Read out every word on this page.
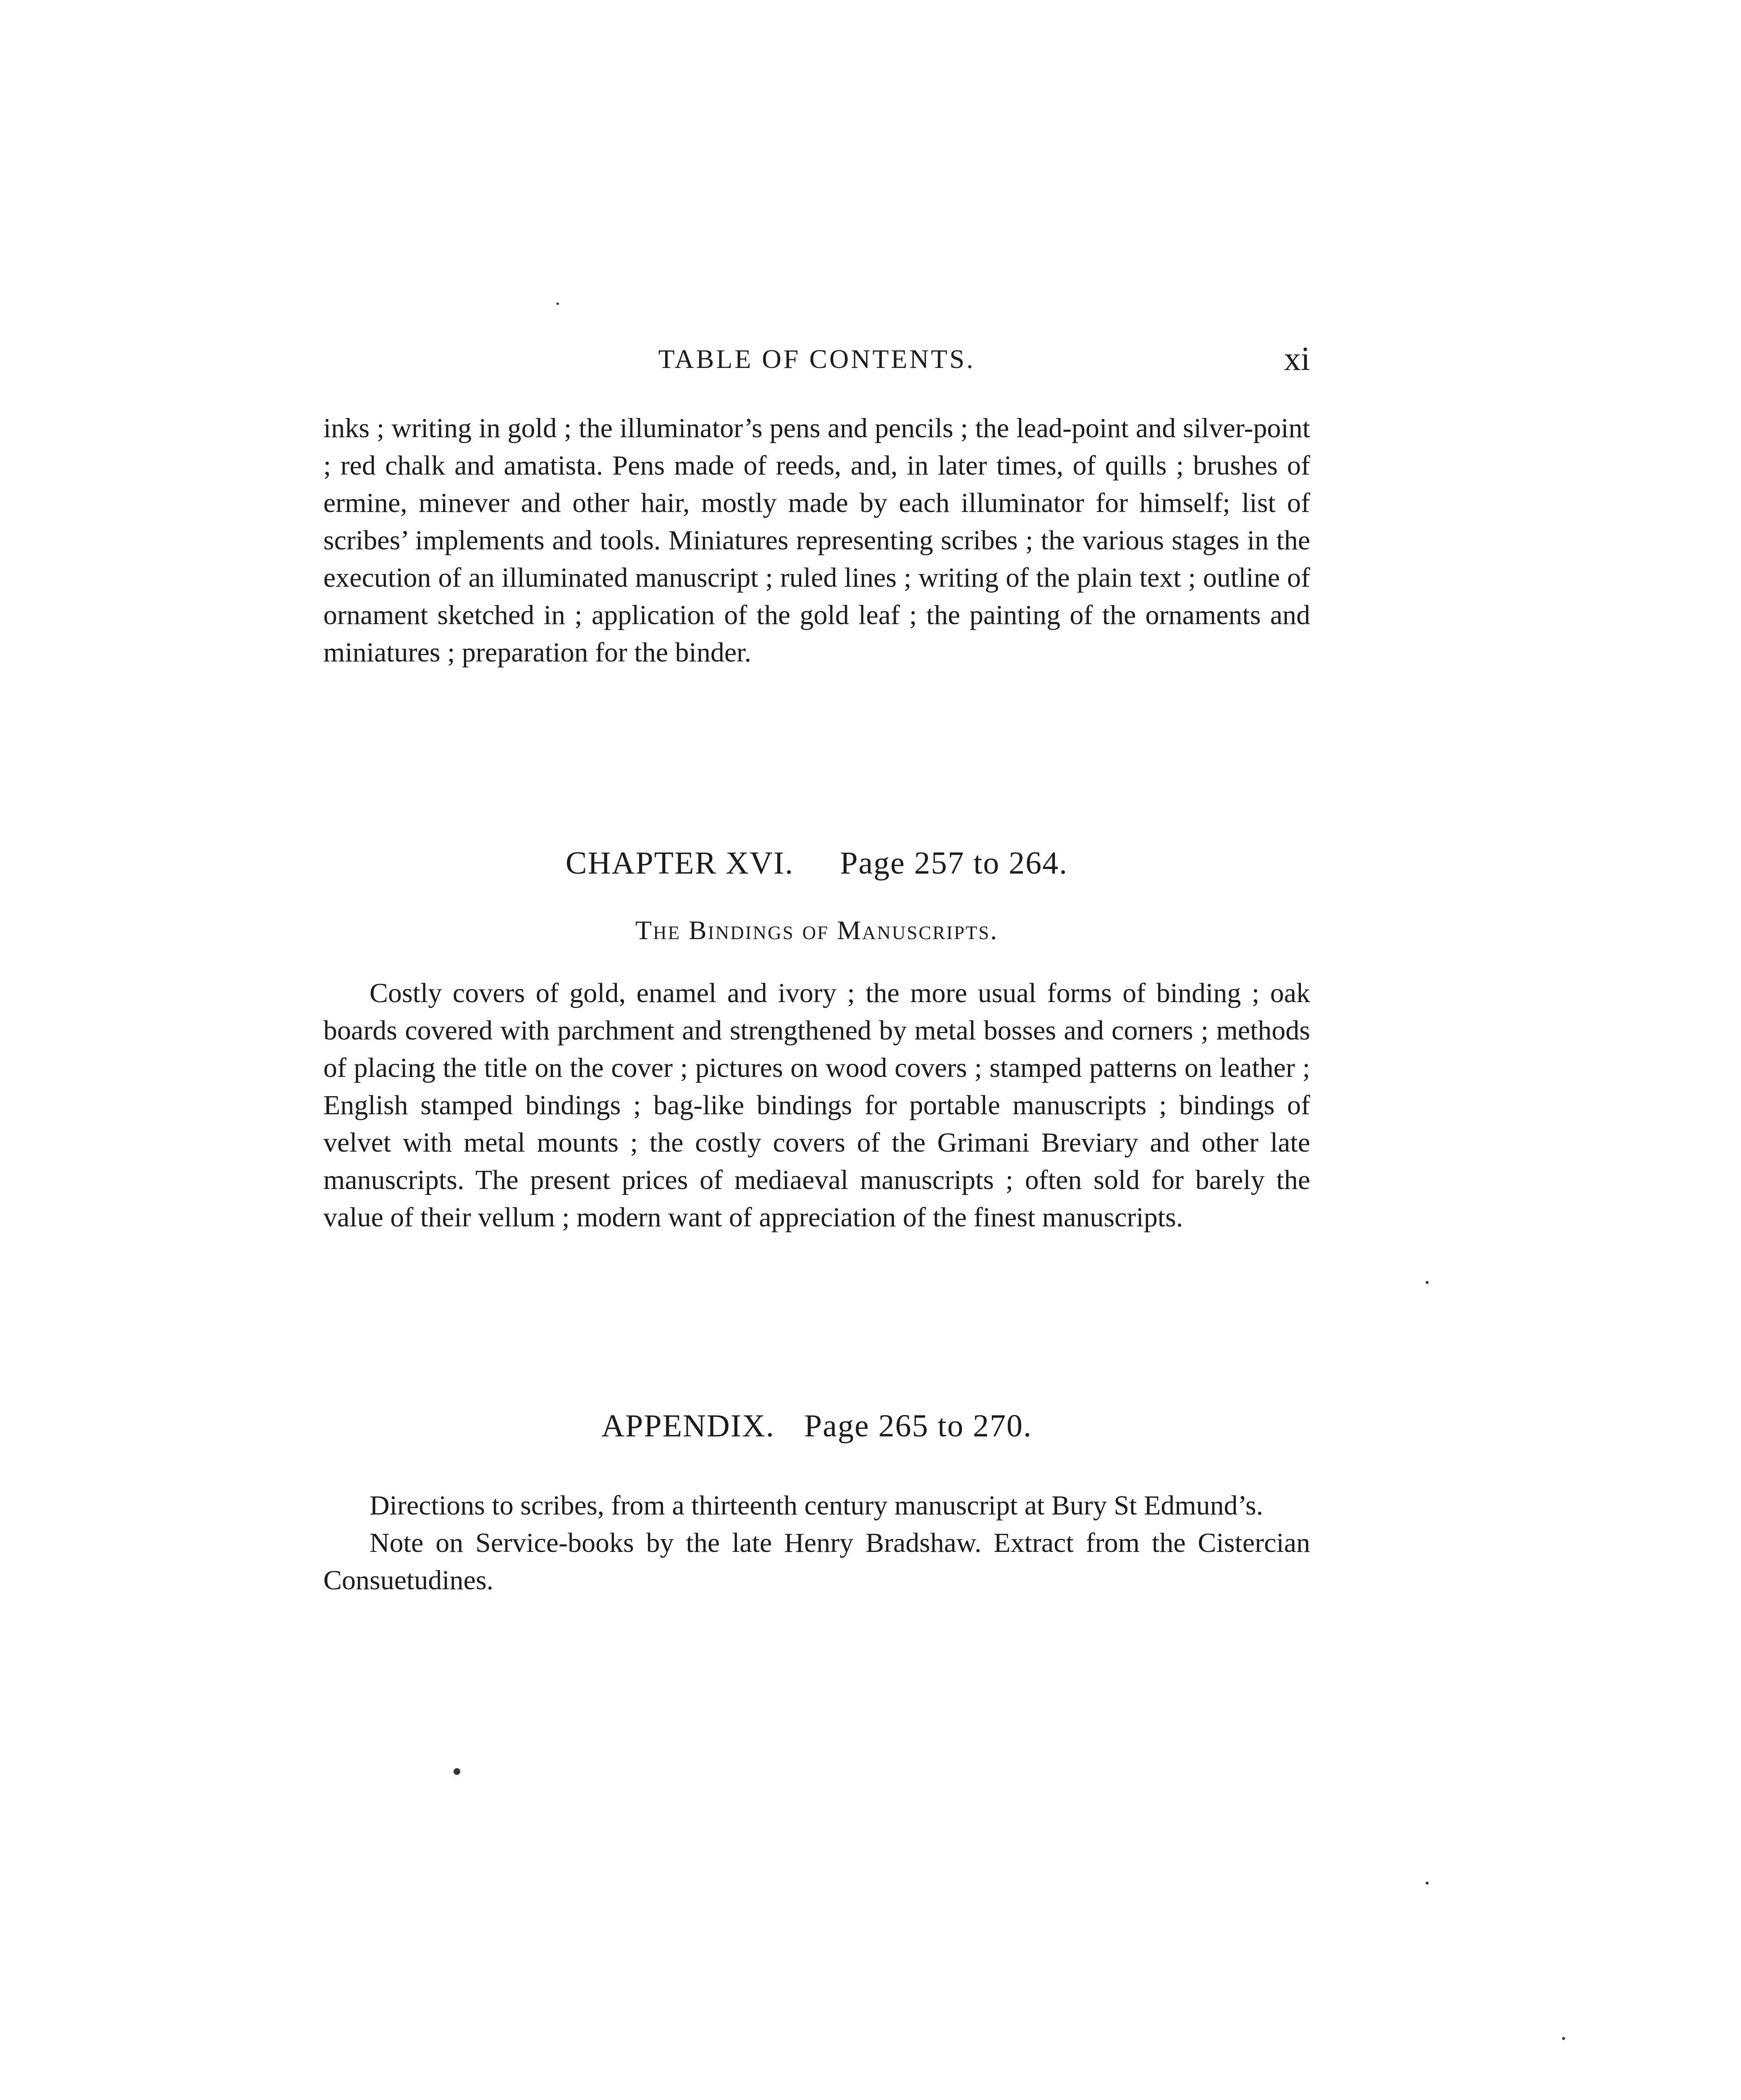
TABLE OF CONTENTS.	xi

inks ; writing in gold ; the illuminator’s pens and pencils ; the lead-point and silver-point ; red chalk and amatista. Pens made of reeds, and, in later times, of quills ; brushes of ermine, minever and other hair, mostly made by each illuminator for himself; list of scribes’ implements and tools. Miniatures representing scribes ; the various stages in the execution of an illuminated manuscript ; ruled lines ; writing of the plain text ; outline of ornament sketched in ; application of the gold leaf ; the painting of the ornaments and miniatures ; preparation for the binder.

CHAPTER XVI. Page 257 to 264.
The Bindings of Manuscripts.

Costly covers of gold, enamel and ivory ; the more usual forms of binding ; oak boards covered with parchment and strengthened by metal bosses and corners ; methods of placing the title on the cover ; pictures on wood covers ; stamped patterns on leather ; English stamped bindings ; bag-like bindings for portable manuscripts ; bindings of velvet with metal mounts ; the costly covers of the Grimani Breviary and other late manuscripts. The present prices of mediaeval manuscripts ; often sold for barely the value of their vellum ; modern want of appreciation of the finest manuscripts.

APPENDIX. Page 265 to 270.

Directions to scribes, from a thirteenth century manuscript at Bury St Edmund’s.

Note on Service-books by the late Henry Bradshaw. Extract from the Cistercian Consuetudines.
